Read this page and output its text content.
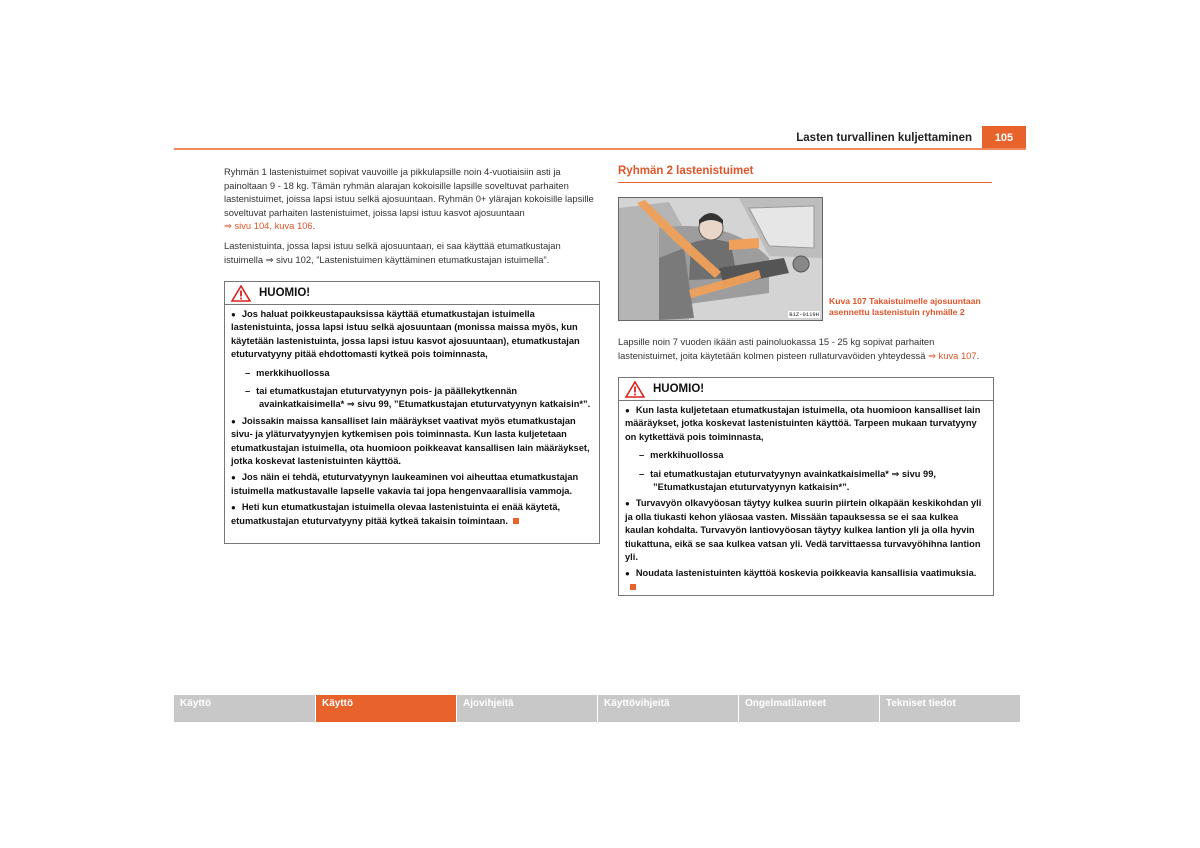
Lasten turvallinen kuljettaminen	105

Ryhmän 1 lastenistuimet sopivat vauvoille ja pikkulapsille noin 4-vuotiaisiin asti ja painoltaan 9 - 18 kg. Tämän ryhmän alarajan kokoisille lapsille soveltuvat parhaiten lastenistuimet, joissa lapsi istuu selkä ajosuuntaan. Ryhmän 0+ ylärajan kokoisille lapsille soveltuvat parhaiten lastenistuimet, joissa lapsi istuu kasvot ajosuuntaan
⇒ sivu 104, kuva 106.

Lastenistuinta, jossa lapsi istuu selkä ajosuuntaan, ei saa käyttää etumatkustajan istuimella ⇒ sivu 102, ”Lastenistuimen käyttäminen etumatkustajan istuimella”.

HUOMIO!

● Jos haluat poikkeustapauksissa käyttää etumatkustajan istuimella lastenistuinta, jossa lapsi istuu selkä ajosuuntaan (monissa maissa myös, kun käytetään lastenistuinta, jossa lapsi istuu kasvot ajosuuntaan), etumatkustajan etuturvatyyny pitää ehdottomasti kytkeä pois toiminnasta,

– merkkihuollossa

– tai etumatkustajan etuturvatyynyn pois- ja päällekytkennän avainkatkaisimella* ⇒ sivu 99, ”Etumatkustajan etuturvatyynyn katkaisin*”.

● Joissakin maissa kansalliset lain määräykset vaativat myös etumatkustajan sivu- ja yläturvatyynyjen kytkemisen pois toiminnasta. Kun lasta kuljetetaan etumatkustajan istuimella, ota huomioon poikkeavat kansallisen lain määräykset, jotka koskevat lastenistuinten käyttöä.

● Jos näin ei tehdä, etuturvatyynyn laukeaminen voi aiheuttaa etumatkustajan istuimella matkustavalle lapselle vakavia tai jopa hengenvaarallisia vammoja.

● Heti kun etumatkustajan istuimella olevaa lastenistuinta ei enää käytetä, etumatkustajan etuturvatyyny pitää kytkeä takaisin toimintaan.

Ryhmän 2 lastenistuimet
B1Z-0119H
Kuva 107 Takaistuimelle ajosuuntaan
asennettu lastenistuin ryhmälle 2

Lapsille noin 7 vuoden ikään asti painoluokassa 15 - 25 kg sopivat parhaiten lastenistuimet, joita käytetään kolmen pisteen rullaturvavöiden yhteydessä ⇒ kuva 107.

HUOMIO!

● Kun lasta kuljetetaan etumatkustajan istuimella, ota huomioon kansalliset lain määräykset, jotka koskevat lastenistuinten käyttöä. Tarpeen mukaan turvatyyny on kytkettävä pois toiminnasta,

– merkkihuollossa

– tai etumatkustajan etuturvatyynyn avainkatkaisimella* ⇒ sivu 99, ”Etumatkustajan etuturvatyynyn katkaisin*”.

● Turvavyön olkavyöosan täytyy kulkea suurin piirtein olkapään keskikohdan yli ja olla tiukasti kehon yläosaa vasten. Missään tapauksessa se ei saa kulkea kaulan kohdalta. Turvavyön lantiovyöosan täytyy kulkea lantion yli ja olla hyvin tiukattuna, eikä se saa kulkea vatsan yli. Vedä tarvittaessa turvavyöhihna lantion yli.

● Noudata lastenistuinten käyttöä koskevia poikkeavia kansallisia vaatimuksia.

Käyttö	Käyttö	Ajovihjeitä	Käyttövihjeitä	Ongelmatilanteet	Tekniset tiedot
